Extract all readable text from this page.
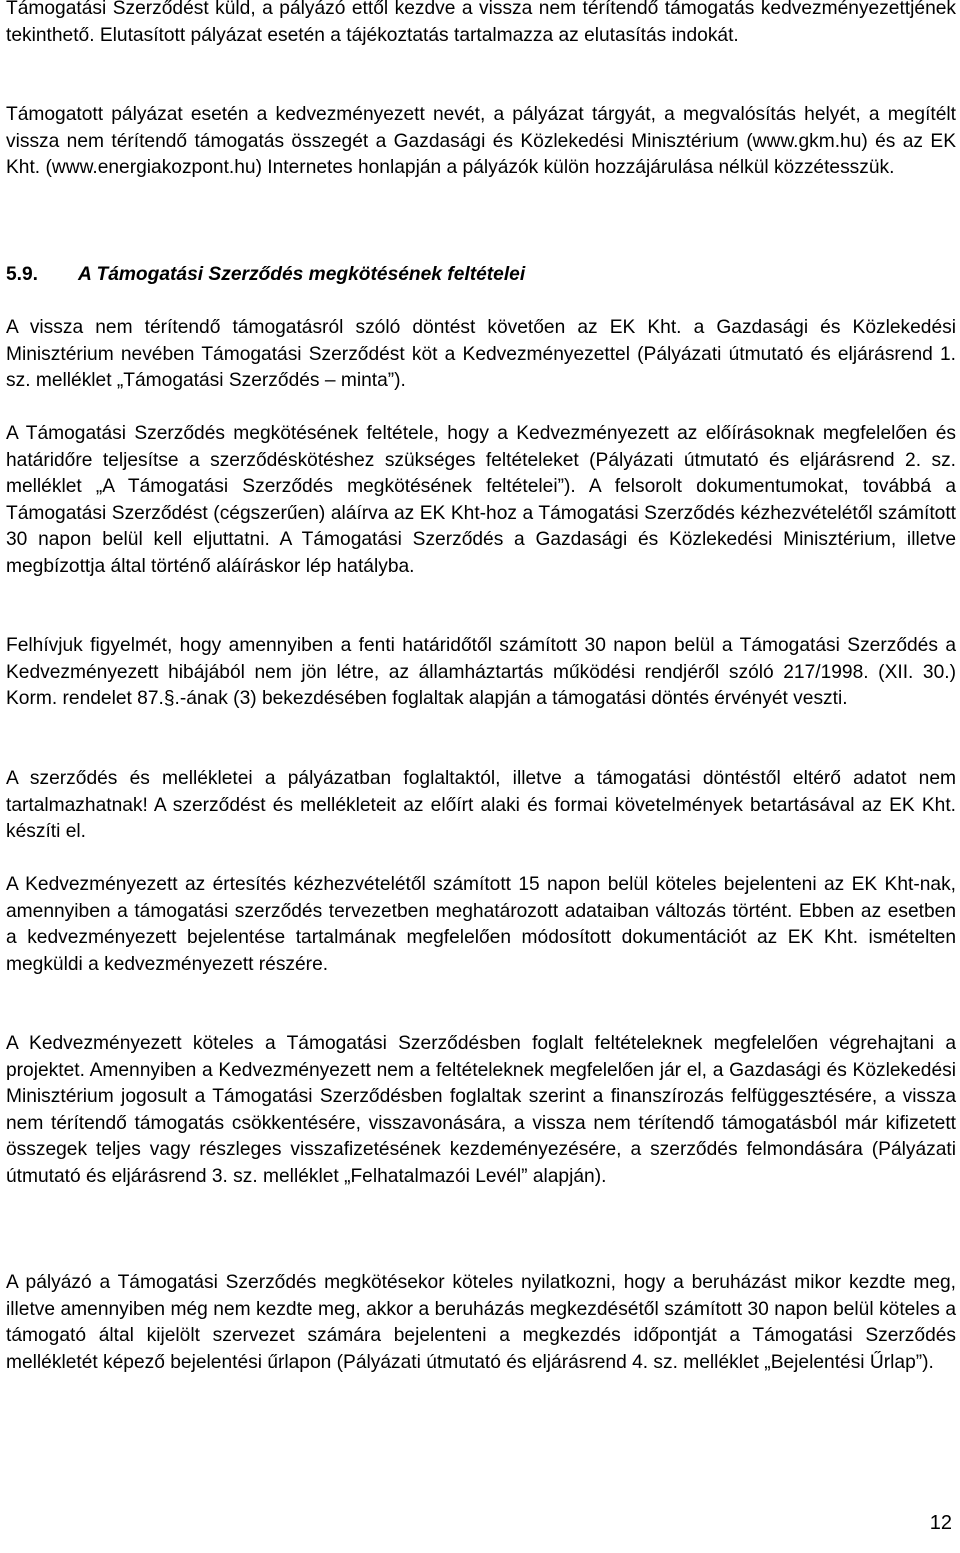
Támogatási Szerződést küld, a pályázó ettől kezdve a vissza nem térítendő támogatás kedvezményezettjének tekinthető. Elutasított pályázat esetén a tájékoztatás tartalmazza az elutasítás indokát.

Támogatott pályázat esetén a kedvezményezett nevét, a pályázat tárgyát, a megvalósítás helyét, a megítélt vissza nem térítendő támogatás összegét a Gazdasági és Közlekedési Minisztérium (www.gkm.hu) és az EK Kht. (www.energiakozpont.hu) Internetes honlapján a pályázók külön hozzájárulása nélkül közzétesszük.

5.9. A Támogatási Szerződés megkötésének feltételei

A vissza nem térítendő támogatásról szóló döntést követően az EK Kht. a Gazdasági és Közlekedési Minisztérium nevében Támogatási Szerződést köt a Kedvezményezettel (Pályázati útmutató és eljárásrend 1. sz. melléklet „Támogatási Szerződés – minta”).

A Támogatási Szerződés megkötésének feltétele, hogy a Kedvezményezett az előírásoknak megfelelően és határidőre teljesítse a szerződéskötéshez szükséges feltételeket (Pályázati útmutató és eljárásrend 2. sz. melléklet „A Támogatási Szerződés megkötésének feltételei”). A felsorolt dokumentumokat, továbbá a Támogatási Szerződést (cégszerűen) aláírva az EK Kht-hoz a Támogatási Szerződés kézhezvételétől számított 30 napon belül kell eljuttatni. A Támogatási Szerződés a Gazdasági és Közlekedési Minisztérium, illetve megbízottja által történő aláíráskor lép hatályba.

Felhívjuk figyelmét, hogy amennyiben a fenti határidőtől számított 30 napon belül a Támogatási Szerződés a Kedvezményezett hibájából nem jön létre, az államháztartás működési rendjéről szóló 217/1998. (XII. 30.) Korm. rendelet 87.§.-ának (3) bekezdésében foglaltak alapján a támogatási döntés érvényét veszti.

A szerződés és mellékletei a pályázatban foglaltaktól, illetve a támogatási döntéstől eltérő adatot nem tartalmazhatnak! A szerződést és mellékleteit az előírt alaki és formai követelmények betartásával az EK Kht. készíti el.

A Kedvezményezett az értesítés kézhezvételétől számított 15 napon belül köteles bejelenteni az EK Kht-nak, amennyiben a támogatási szerződés tervezetben meghatározott adataiban változás történt. Ebben az esetben a kedvezményezett bejelentése tartalmának megfelelően módosított dokumentációt az EK Kht. ismételten megküldi a kedvezményezett részére.

A Kedvezményezett köteles a Támogatási Szerződésben foglalt feltételeknek megfelelően végrehajtani a projektet. Amennyiben a Kedvezményezett nem a feltételeknek megfelelően jár el, a Gazdasági és Közlekedési Minisztérium jogosult a Támogatási Szerződésben foglaltak szerint a finanszírozás felfüggesztésére, a vissza nem térítendő támogatás csökkentésére, visszavonására, a vissza nem térítendő támogatásból már kifizetett összegek teljes vagy részleges visszafizetésének kezdeményezésére, a szerződés felmondására (Pályázati útmutató és eljárásrend 3. sz. melléklet „Felhatalmazói Levél” alapján).

A pályázó a Támogatási Szerződés megkötésekor köteles nyilatkozni, hogy a beruházást mikor kezdte meg, illetve amennyiben még nem kezdte meg, akkor a beruházás megkezdésétől számított 30 napon belül köteles a támogató által kijelölt szervezet számára bejelenteni a megkezdés időpontját a Támogatási Szerződés mellékletét képező bejelentési űrlapon (Pályázati útmutató és eljárásrend 4. sz. melléklet „Bejelentési Űrlap”).

12
